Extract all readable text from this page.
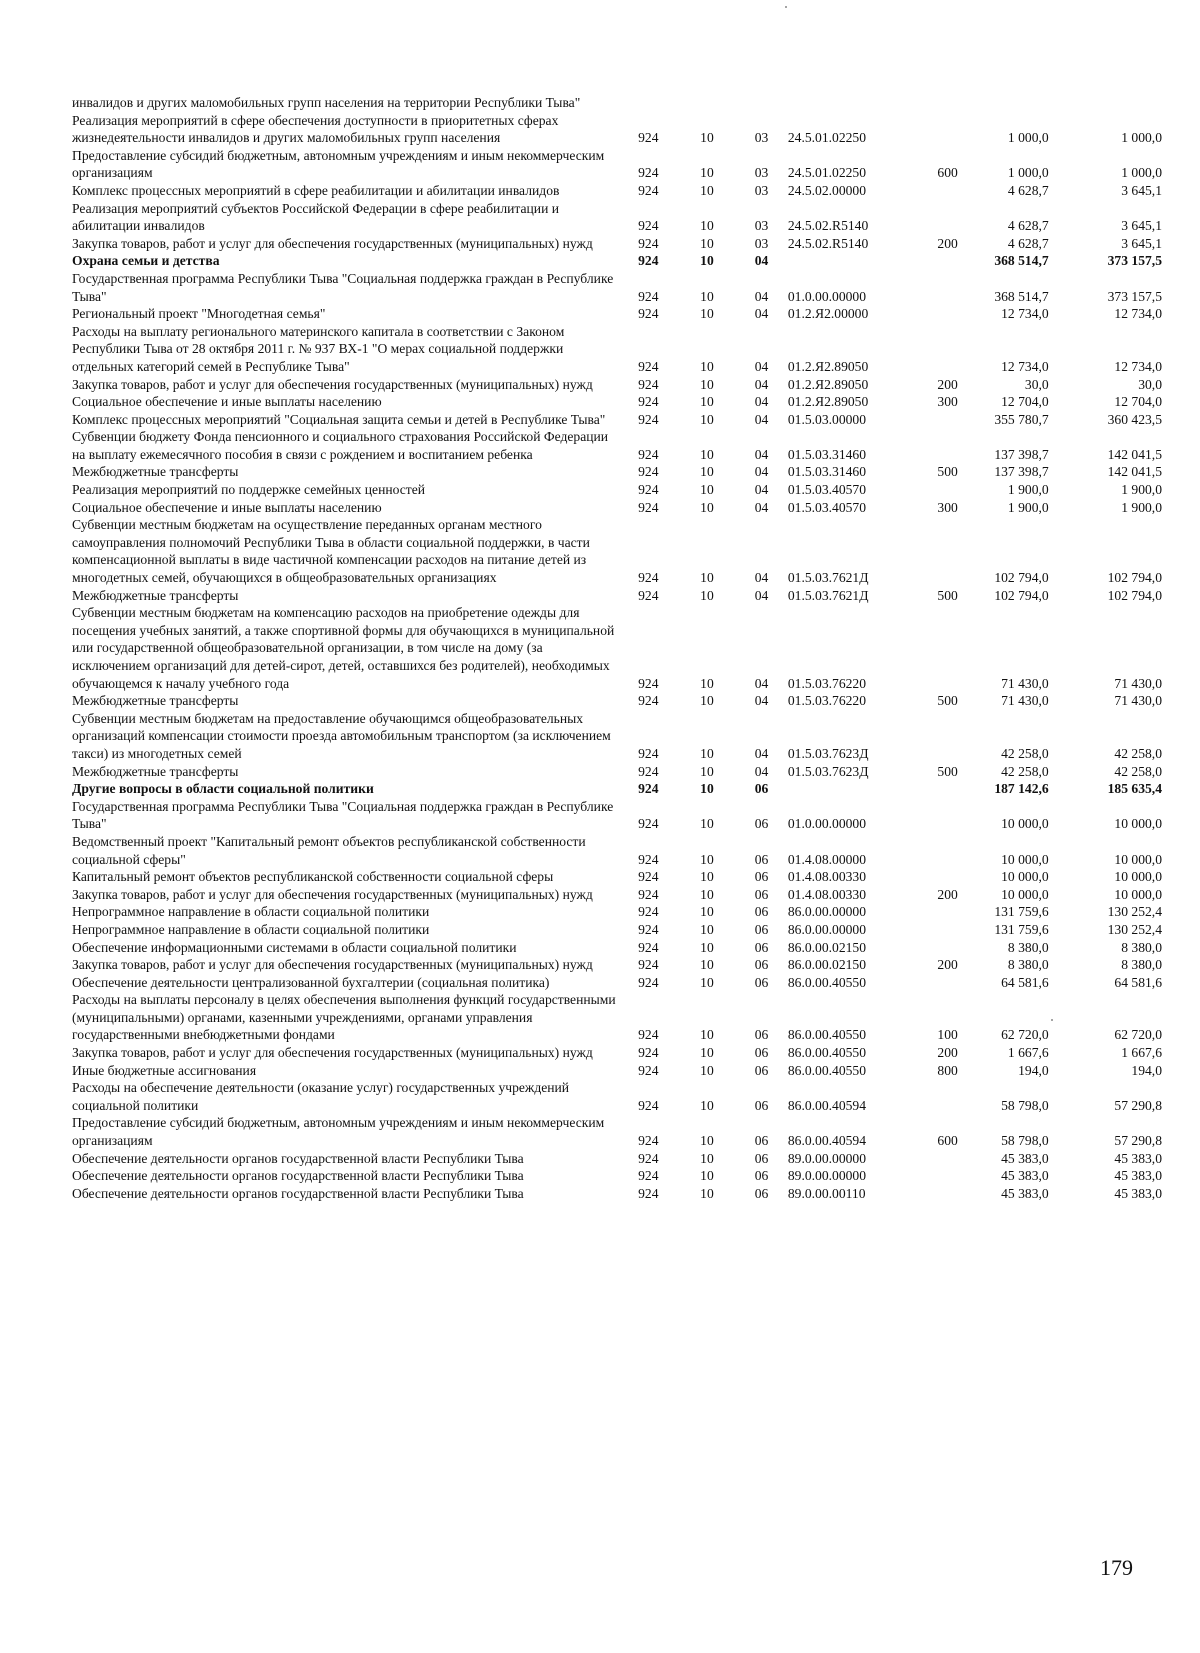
инвалидов и других маломобильных групп населения на территории Республики Тыва"							
Реализация мероприятий в сфере обеспечения доступности в приоритетных сферах жизнедеятельности инвалидов и других маломобильных групп населения	924	10	03	24.5.01.02250		1 000,0	1 000,0
Предоставление субсидий бюджетным, автономным учреждениям и иным некоммерческим организациям	924	10	03	24.5.01.02250	600	1 000,0	1 000,0
Комплекс процессных мероприятий в сфере реабилитации и абилитации инвалидов	924	10	03	24.5.02.00000		4 628,7	3 645,1
Реализация мероприятий субъектов Российской Федерации в сфере реабилитации и абилитации инвалидов	924	10	03	24.5.02.R5140		4 628,7	3 645,1
Закупка товаров, работ и услуг для обеспечения государственных (муниципальных) нужд	924	10	03	24.5.02.R5140	200	4 628,7	3 645,1
Охрана семьи и детства	924	10	04			368 514,7	373 157,5
Государственная программа Республики Тыва "Социальная поддержка граждан в Республике Тыва"	924	10	04	01.0.00.00000		368 514,7	373 157,5
Региональный проект "Многодетная семья"	924	10	04	01.2.Я2.00000		12 734,0	12 734,0
Расходы на выплату регионального материнского капитала в соответствии с Законом Республики Тыва от 28 октября 2011 г. № 937 ВХ-1 "О мерах социальной поддержки отдельных категорий семей в Республике Тыва"	924	10	04	01.2.Я2.89050		12 734,0	12 734,0
Закупка товаров, работ и услуг для обеспечения государственных (муниципальных) нужд	924	10	04	01.2.Я2.89050	200	30,0	30,0
Социальное обеспечение и иные выплаты населению	924	10	04	01.2.Я2.89050	300	12 704,0	12 704,0
Комплекс процессных мероприятий "Социальная защита семьи и детей в Республике Тыва"	924	10	04	01.5.03.00000		355 780,7	360 423,5
Субвенции бюджету Фонда пенсионного и социального страхования Российской Федерации на выплату ежемесячного пособия в связи с рождением и воспитанием ребенка	924	10	04	01.5.03.31460		137 398,7	142 041,5
Межбюджетные трансферты	924	10	04	01.5.03.31460	500	137 398,7	142 041,5
Реализация мероприятий по поддержке семейных ценностей	924	10	04	01.5.03.40570		1 900,0	1 900,0
Социальное обеспечение и иные выплаты населению	924	10	04	01.5.03.40570	300	1 900,0	1 900,0
Субвенции местным бюджетам на осуществление переданных органам местного самоуправления полномочий Республики Тыва в области социальной поддержки, в части компенсационной выплаты в виде частичной компенсации расходов на питание детей из многодетных семей, обучающихся в общеобразовательных организациях	924	10	04	01.5.03.7621Д		102 794,0	102 794,0
Межбюджетные трансферты	924	10	04	01.5.03.7621Д	500	102 794,0	102 794,0
Субвенции местным бюджетам на компенсацию расходов на приобретение одежды для посещения учебных занятий, а также спортивной формы для обучающихся в муниципальной или государственной общеобразовательной организации, в том числе на дому (за исключением организаций для детей-сирот, детей, оставшихся без родителей), необходимых обучающемся к началу учебного года	924	10	04	01.5.03.76220		71 430,0	71 430,0
Межбюджетные трансферты	924	10	04	01.5.03.76220	500	71 430,0	71 430,0
Субвенции местным бюджетам на предоставление обучающимся общеобразовательных организаций компенсации стоимости проезда автомобильным транспортом (за исключением такси) из многодетных семей	924	10	04	01.5.03.7623Д		42 258,0	42 258,0
Межбюджетные трансферты	924	10	04	01.5.03.7623Д	500	42 258,0	42 258,0
Другие вопросы в области социальной политики	924	10	06			187 142,6	185 635,4
Государственная программа Республики Тыва "Социальная поддержка граждан в Республике Тыва"	924	10	06	01.0.00.00000		10 000,0	10 000,0
Ведомственный проект "Капитальный ремонт объектов республиканской собственности социальной сферы"	924	10	06	01.4.08.00000		10 000,0	10 000,0
Капитальный ремонт объектов республиканской собственности социальной сферы	924	10	06	01.4.08.00330		10 000,0	10 000,0
Закупка товаров, работ и услуг для обеспечения государственных (муниципальных) нужд	924	10	06	01.4.08.00330	200	10 000,0	10 000,0
Непрограммное направление в области социальной политики	924	10	06	86.0.00.00000		131 759,6	130 252,4
Непрограммное направление в области социальной политики	924	10	06	86.0.00.00000		131 759,6	130 252,4
Обеспечение информационными системами в области социальной политики	924	10	06	86.0.00.02150		8 380,0	8 380,0
Закупка товаров, работ и услуг для обеспечения государственных (муниципальных) нужд	924	10	06	86.0.00.02150	200	8 380,0	8 380,0
Обеспечение деятельности централизованной бухгалтерии (социальная политика)	924	10	06	86.0.00.40550		64 581,6	64 581,6
Расходы на выплаты персоналу в целях обеспечения выполнения функций государственными (муниципальными) органами, казенными учреждениями, органами управления государственными внебюджетными фондами	924	10	06	86.0.00.40550	100	62 720,0	62 720,0
Закупка товаров, работ и услуг для обеспечения государственных (муниципальных) нужд	924	10	06	86.0.00.40550	200	1 667,6	1 667,6
Иные бюджетные ассигнования	924	10	06	86.0.00.40550	800	194,0	194,0
Расходы на обеспечение деятельности (оказание услуг) государственных учреждений социальной политики	924	10	06	86.0.00.40594		58 798,0	57 290,8
Предоставление субсидий бюджетным, автономным учреждениям и иным некоммерческим организациям	924	10	06	86.0.00.40594	600	58 798,0	57 290,8
Обеспечение деятельности органов государственной власти Республики Тыва	924	10	06	89.0.00.00000		45 383,0	45 383,0
Обеспечение деятельности органов государственной власти Республики Тыва	924	10	06	89.0.00.00000		45 383,0	45 383,0
Обеспечение деятельности органов государственной власти Республики Тыва	924	10	06	89.0.00.00110		45 383,0	45 383,0
179
